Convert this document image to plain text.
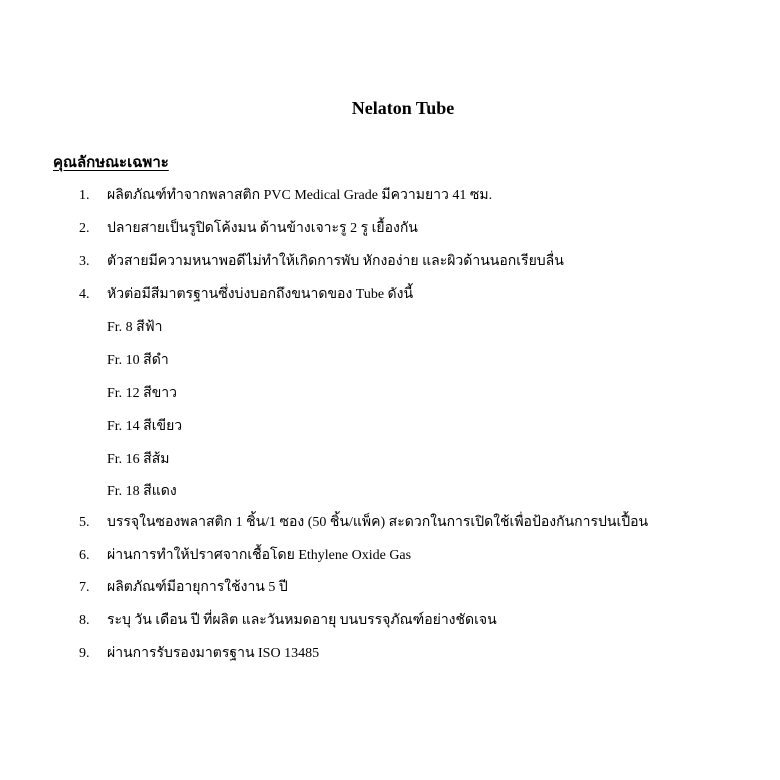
Nelaton Tube
คุณลักษณะเฉพาะ
1.	ผลิตภัณฑ์ทำจากพลาสติก PVC Medical Grade มีความยาว 41 ซม.
2.	ปลายสายเป็นรูปิดโค้งมน ด้านข้างเจาะรู 2 รู เยื้องกัน
3.	ตัวสายมีความหนาพอดีไม่ทำให้เกิดการพับ หักงอง่าย และผิวด้านนอกเรียบลื่น
4.	หัวต่อมีสีมาตรฐานซึ่งบ่งบอกถึงขนาดของ Tube ดังนี้
Fr. 8 สีฟ้า
Fr. 10 สีดำ
Fr. 12 สีขาว
Fr. 14 สีเขียว
Fr. 16 สีส้ม
Fr. 18 สีแดง
5.	บรรจุในซองพลาสติก 1 ชิ้น/1 ซอง (50 ชิ้น/แพ็ค) สะดวกในการเปิดใช้เพื่อป้องกันการปนเปื้อน
6.	ผ่านการทำให้ปราศจากเชื้อโดย Ethylene Oxide Gas
7.	ผลิตภัณฑ์มีอายุการใช้งาน 5 ปี
8.	ระบุ วัน เดือน ปี ที่ผลิต และวันหมดอายุ บนบรรจุภัณฑ์อย่างชัดเจน
9.	ผ่านการรับรองมาตรฐาน ISO 13485
